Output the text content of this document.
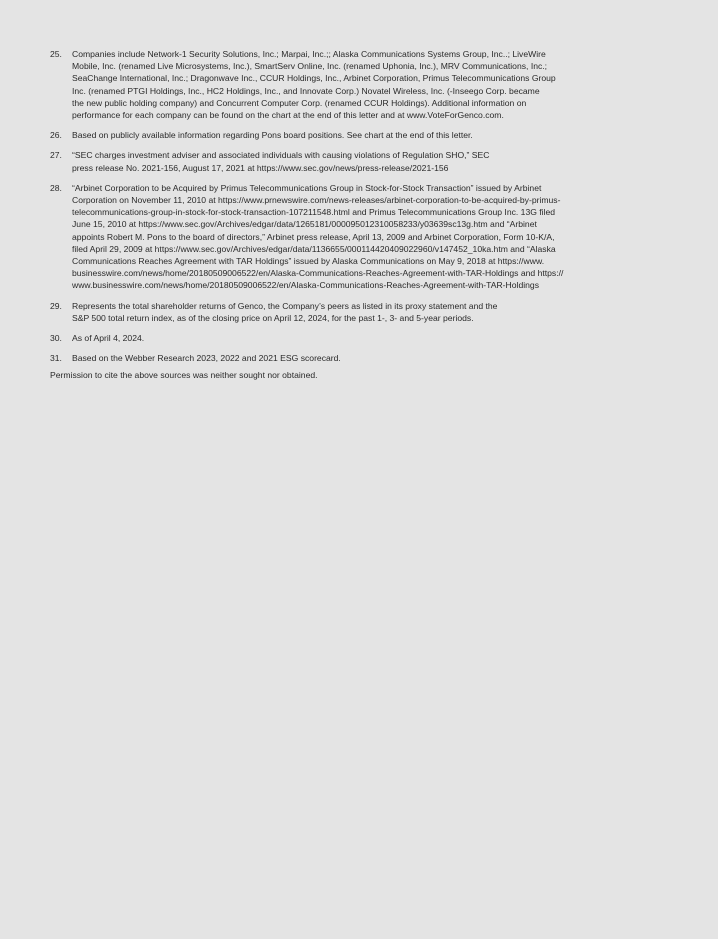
25.	Companies include Network-1 Security Solutions, Inc.; Marpai, Inc.;; Alaska Communications Systems Group, Inc..; LiveWire
Mobile, Inc. (renamed Live Microsystems, Inc.), SmartServ Online, Inc. (renamed Uphonia, Inc.), MRV Communications, Inc.;
SeaChange International, Inc.; Dragonwave Inc., CCUR Holdings, Inc., Arbinet Corporation, Primus Telecommunications Group
Inc. (renamed PTGI Holdings, Inc., HC2 Holdings, Inc., and Innovate Corp.) Novatel Wireless, Inc. (-Inseego Corp. became
the new public holding company) and Concurrent Computer Corp. (renamed CCUR Holdings). Additional information on
performance for each company can be found on the chart at the end of this letter and at www.VoteForGenco.com.
26.	Based on publicly available information regarding Pons board positions. See chart at the end of this letter.
27.	“SEC charges investment adviser and associated individuals with causing violations of Regulation SHO,” SEC
press release No. 2021-156, August 17, 2021 at https://www.sec.gov/news/press-release/2021-156
28.	“Arbinet Corporation to be Acquired by Primus Telecommunications Group in Stock-for-Stock Transaction” issued by Arbinet
Corporation on November 11, 2010 at https://www.prnewswire.com/news-releases/arbinet-corporation-to-be-acquired-by-primus-
telecommunications-group-in-stock-for-stock-transaction-107211548.html and Primus Telecommunications Group Inc. 13G filed
June 15, 2010 at https://www.sec.gov/Archives/edgar/data/1265181/000095012310058233/y03639sc13g.htm and “Arbinet
appoints Robert M. Pons to the board of directors,” Arbinet press release, April 13, 2009 and Arbinet Corporation, Form 10-K/A,
filed April 29, 2009 at https://www.sec.gov/Archives/edgar/data/1136655/000114420409022960/v147452_10ka.htm and “Alaska
Communications Reaches Agreement with TAR Holdings” issued by Alaska Communications on May 9, 2018 at https://www.
businesswire.com/news/home/20180509006522/en/Alaska-Communications-Reaches-Agreement-with-TAR-Holdings and https://
www.businesswire.com/news/home/20180509006522/en/Alaska-Communications-Reaches-Agreement-with-TAR-Holdings
29.	Represents the total shareholder returns of Genco, the Company’s peers as listed in its proxy statement and the
S&P 500 total return index, as of the closing price on April 12, 2024, for the past 1-, 3- and 5-year periods.
30.	As of April 4, 2024.
31.	Based on the Webber Research 2023, 2022 and 2021 ESG scorecard.
Permission to cite the above sources was neither sought nor obtained.
